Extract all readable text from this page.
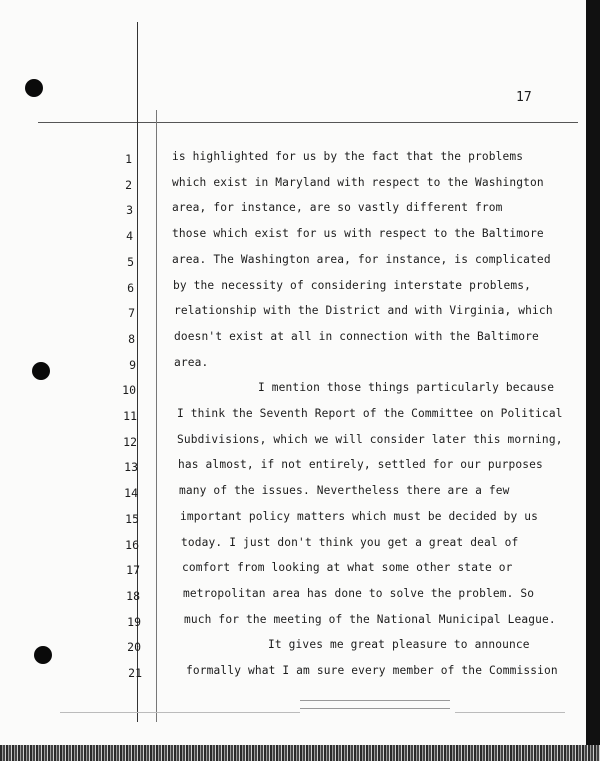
17
1	is highlighted for us by the fact that the problems
2	which exist in Maryland with respect to the Washington
3	area, for instance, are so vastly different from
4	those which exist for us with respect to the Baltimore
5	area. The Washington area, for instance, is complicated
6	by the necessity of considering interstate problems,
7	relationship with the District and with Virginia, which
8	doesn't exist at all in connection with the Baltimore
9	area.
10	I mention those things particularly because
11	I think the Seventh Report of the Committee on Political
12	Subdivisions, which we will consider later this morning,
13	has almost, if not entirely, settled for our purposes
14	many of the issues. Nevertheless there are a few
15	important policy matters which must be decided by us
16	today. I just don't think you get a great deal of
17	comfort from looking at what some other state or
18	metropolitan area has done to solve the problem. So
19	much for the meeting of the National Municipal League.
20	It gives me great pleasure to announce
21	formally what I am sure every member of the Commission
